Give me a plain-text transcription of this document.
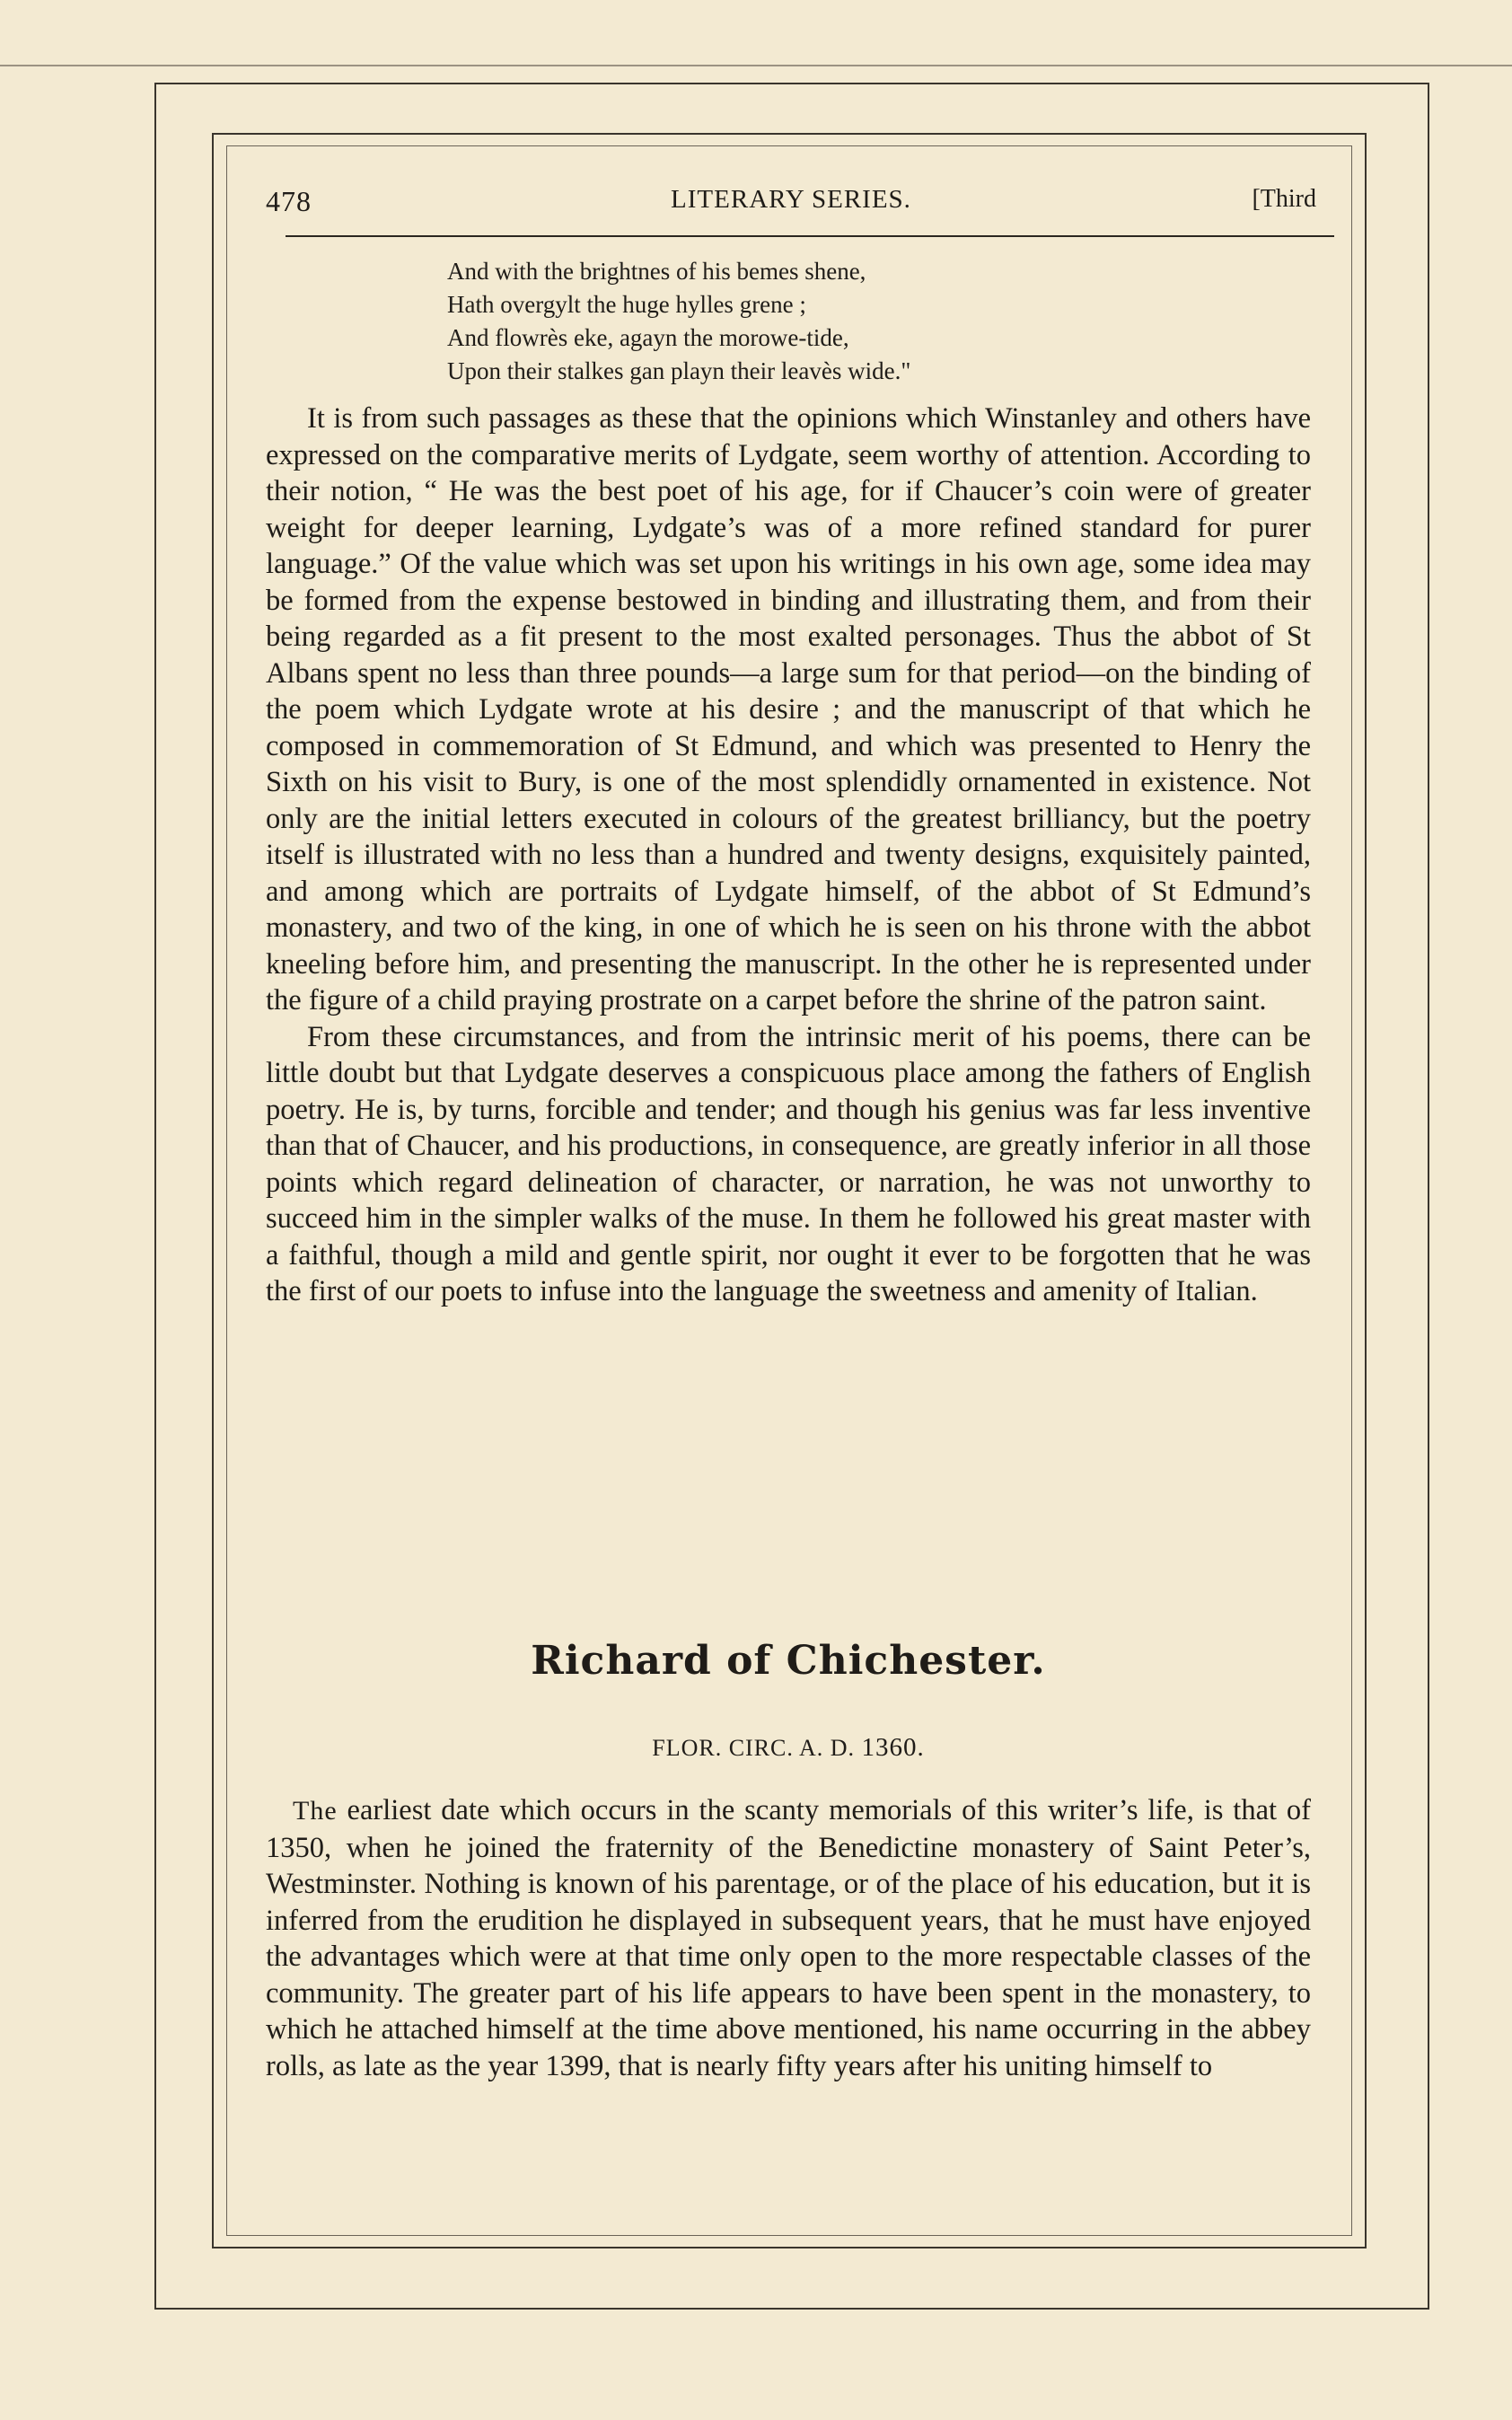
478	LITERARY SERIES.	[Third
And with the brightnes of his bemes shene,
Hath overgylt the huge hylles grene ;
And flowrès eke, agayn the morowe-tide,
Upon their stalkes gan playn their leavès wide."

It is from such passages as these that the opinions which Winstanley and others have expressed on the comparative merits of Lydgate, seem worthy of attention. According to their notion, “ He was the best poet of his age, for if Chaucer’s coin were of greater weight for deeper learning, Lydgate’s was of a more refined standard for purer language.” Of the value which was set upon his writings in his own age, some idea may be formed from the expense bestowed in binding and illustrating them, and from their being regarded as a fit present to the most exalted personages. Thus the abbot of St Albans spent no less than three pounds—a large sum for that period—on the binding of the poem which Lydgate wrote at his desire ; and the manuscript of that which he composed in commemoration of St Edmund, and which was presented to Henry the Sixth on his visit to Bury, is one of the most splendidly ornamented in existence. Not only are the initial letters executed in colours of the greatest brilliancy, but the poetry itself is illustrated with no less than a hundred and twenty designs, exquisitely painted, and among which are portraits of Lydgate himself, of the abbot of St Edmund’s monastery, and two of the king, in one of which he is seen on his throne with the abbot kneeling before him, and presenting the manuscript. In the other he is represented under the figure of a child praying prostrate on a carpet before the shrine of the patron saint.

From these circumstances, and from the intrinsic merit of his poems, there can be little doubt but that Lydgate deserves a conspicuous place among the fathers of English poetry. He is, by turns, forcible and tender; and though his genius was far less inventive than that of Chaucer, and his productions, in consequence, are greatly inferior in all those points which regard delineation of character, or narration, he was not unworthy to succeed him in the simpler walks of the muse. In them he followed his great master with a faithful, though a mild and gentle spirit, nor ought it ever to be forgotten that he was the first of our poets to infuse into the language the sweetness and amenity of Italian.

Richard of Chichester.
FLOR. CIRC. A. D. 1360.

The earliest date which occurs in the scanty memorials of this writer’s life, is that of 1350, when he joined the fraternity of the Benedictine monastery of Saint Peter’s, Westminster. Nothing is known of his parentage, or of the place of his education, but it is inferred from the erudition he displayed in subsequent years, that he must have enjoyed the advantages which were at that time only open to the more respectable classes of the community. The greater part of his life appears to have been spent in the monastery, to which he attached himself at the time above mentioned, his name occurring in the abbey rolls, as late as the year 1399, that is nearly fifty years after his uniting himself to
